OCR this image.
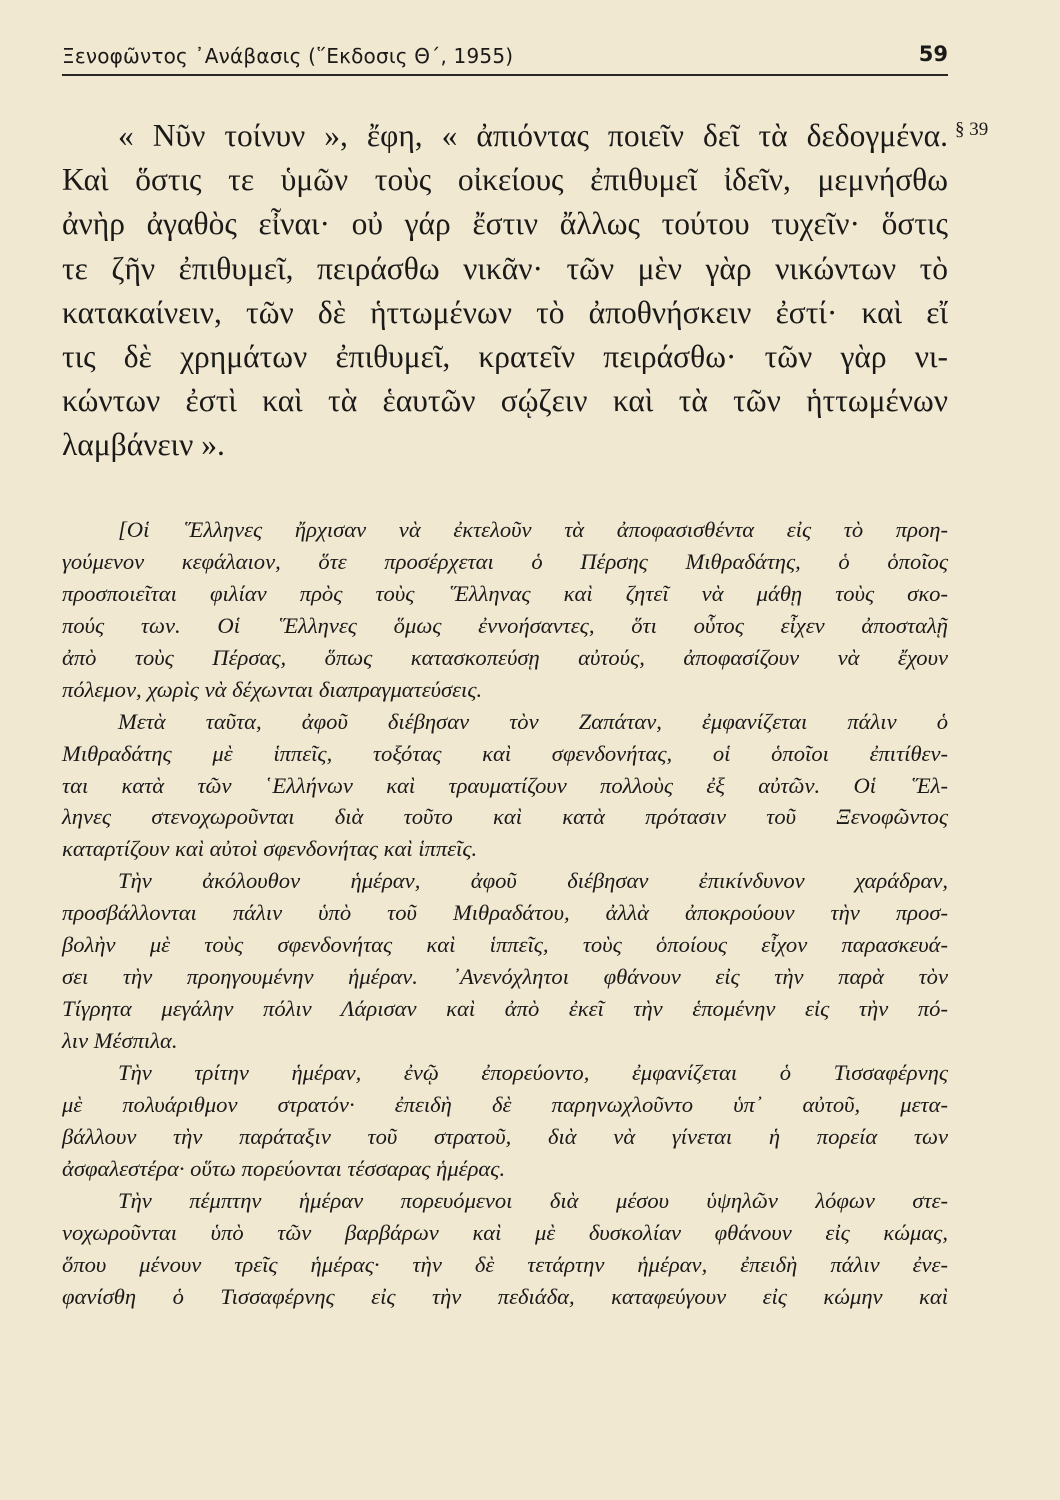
Ξενοφῶντος ᾿Ανάβασις (῞Εκδοσις Θ΄, 1955)	59
§ 39
« Νῦν τοίνυν », ἔφη, « ἀπιόντας ποιεῖν δεῖ τὰ δεδογμένα.
Καὶ ὅστις τε ὑμῶν τοὺς οἰκείους ἐπιθυμεῖ ἰδεῖν, μεμνήσθω
ἀνὴρ ἀγαθὸς εἶναι· οὐ γάρ ἔστιν ἄλλως τούτου τυχεῖν· ὅστις
τε ζῆν ἐπιθυμεῖ, πειράσθω νικᾶν· τῶν μὲν γὰρ νικώντων τὸ
κατακαίνειν, τῶν δὲ ἡττωμένων τὸ ἀποθνήσκειν ἐστί· καὶ εἴ
τις δὲ χρημάτων ἐπιθυμεῖ, κρατεῖν πειράσθω· τῶν γὰρ νι-
κώντων ἐστὶ καὶ τὰ ἑαυτῶν σῴζειν καὶ τὰ τῶν ἡττωμένων
λαμβάνειν ».
[Οἱ ῞Ελληνες ἤρχισαν νὰ ἐκτελοῦν τὰ ἀποφασισθέντα εἰς τὸ προη-
γούμενον κεφάλαιον, ὅτε προσέρχεται ὁ Πέρσης Μιθραδάτης, ὁ ὁποῖος
προσποιεῖται φιλίαν πρὸς τοὺς ῞Ελληνας καὶ ζητεῖ νὰ μάθῃ τοὺς σκο-
πούς των. Οἱ ῞Ελληνες ὅμως ἐννοήσαντες, ὅτι οὗτος εἶχεν ἀποσταλῇ
ἀπὸ τοὺς Πέρσας, ὅπως κατασκοπεύσῃ αὐτούς, ἀποφασίζουν νὰ ἔχουν
πόλεμον, χωρὶς νὰ δέχωνται διαπραγματεύσεις.
Μετὰ ταῦτα, ἀφοῦ διέβησαν τὸν Ζαπάταν, ἐμφανίζεται πάλιν ὁ
Μιθραδάτης μὲ ἱππεῖς, τοξότας καὶ σφενδονήτας, οἱ ὁποῖοι ἐπιτίθεν-
ται κατὰ τῶν ῾Ελλήνων καὶ τραυματίζουν πολλοὺς ἐξ αὐτῶν. Οἱ ῞Ελ-
ληνες στενοχωροῦνται διὰ τοῦτο καὶ κατὰ πρότασιν τοῦ Ξενοφῶντος
καταρτίζουν καὶ αὐτοὶ σφενδονήτας καὶ ἱππεῖς.
Τὴν ἀκόλουθον ἡμέραν, ἀφοῦ διέβησαν ἐπικίνδυνον χαράδραν,
προσβάλλονται πάλιν ὑπὸ τοῦ Μιθραδάτου, ἀλλὰ ἀποκρούουν τὴν προσ-
βολὴν μὲ τοὺς σφενδονήτας καὶ ἱππεῖς, τοὺς ὁποίους εἶχον παρασκευά-
σει τὴν προηγουμένην ἡμέραν. ᾿Ανενόχλητοι φθάνουν εἰς τὴν παρὰ τὸν
Τίγρητα μεγάλην πόλιν Λάρισαν καὶ ἀπὸ ἐκεῖ τὴν ἑπομένην εἰς τὴν πό-
λιν Μέσπιλα.
Τὴν τρίτην ἡμέραν, ἐνῷ ἐπορεύοντο, ἐμφανίζεται ὁ Τισσαφέρνης
μὲ πολυάριθμον στρατόν· ἐπειδὴ δὲ παρηνωχλοῦντο ὑπ᾿ αὐτοῦ, μετα-
βάλλουν τὴν παράταξιν τοῦ στρατοῦ, διὰ νὰ γίνεται ἡ πορεία των
ἀσφαλεστέρα· οὕτω πορεύονται τέσσαρας ἡμέρας.
Τὴν πέμπτην ἡμέραν πορευόμενοι διὰ μέσου ὑψηλῶν λόφων στε-
νοχωροῦνται ὑπὸ τῶν βαρβάρων καὶ μὲ δυσκολίαν φθάνουν εἰς κώμας,
ὅπου μένουν τρεῖς ἡμέρας· τὴν δὲ τετάρτην ἡμέραν, ἐπειδὴ πάλιν ἐνε-
φανίσθη ὁ Τισσαφέρνης εἰς τὴν πεδιάδα, καταφεύγουν εἰς κώμην καὶ
